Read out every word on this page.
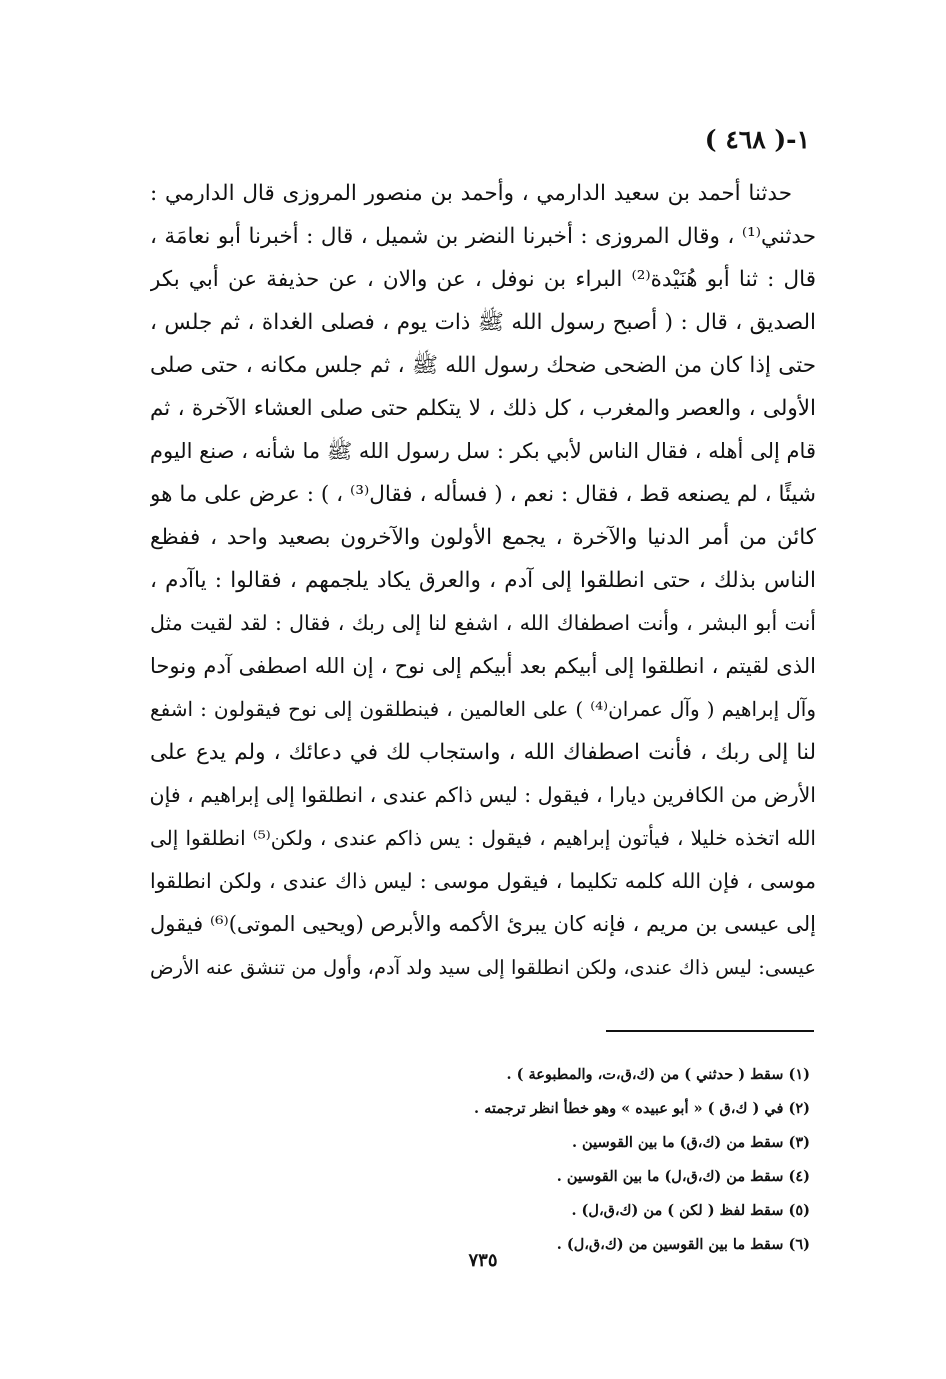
١-( ٤٦٨ )
حدثنا أحمد بن سعيد الدارمي ، وأحمد بن منصور المروزى قال الدارمي :
حدثني⁽¹⁾ ، وقال المروزى : أخبرنا النضر بن شميل ، قال : أخبرنا أبو نعامَة ،
قال : ثنا أبو هُنَيْدة⁽²⁾ البراء بن نوفل ، عن والان ، عن حذيفة عن أبي بكر
الصديق ، قال : ( أصبح رسول الله ﷺ ذات يوم ، فصلى الغداة ، ثم جلس ،
حتى إذا كان من الضحى ضحك رسول الله ﷺ ، ثم جلس مكانه ، حتى صلى
الأولى ، والعصر والمغرب ، كل ذلك ، لا يتكلم حتى صلى العشاء الآخرة ، ثم
قام إلى أهله ، فقال الناس لأبي بكر : سل رسول الله ﷺ ما شأنه ، صنع اليوم
شيئًا ، لم يصنعه قط ، فقال : نعم ، ( فسأله ، فقال⁽³⁾ ، ) : عرض على ما هو
كائن من أمر الدنيا والآخرة ، يجمع الأولون والآخرون بصعيد واحد ، ففظع
الناس بذلك ، حتى انطلقوا إلى آدم ، والعرق يكاد يلجمهم ، فقالوا : ياآدم ،
أنت أبو البشر ، وأنت اصطفاك الله ، اشفع لنا إلى ربك ، فقال : لقد لقيت مثل
الذى لقيتم ، انطلقوا إلى أبيكم بعد أبيكم إلى نوح ، إن الله اصطفى آدم ونوحا
وآل إبراهيم ( وآل عمران⁽⁴⁾ ) على العالمين ، فينطلقون إلى نوح فيقولون : اشفع
لنا إلى ربك ، فأنت اصطفاك الله ، واستجاب لك في دعائك ، ولم يدع على
الأرض من الكافرين ديارا ، فيقول : ليس ذاكم عندى ، انطلقوا إلى إبراهيم ، فإن
الله اتخذه خليلا ، فيأتون إبراهيم ، فيقول : يس ذاكم عندى ، ولكن⁽⁵⁾ انطلقوا إلى
موسى ، فإن الله كلمه تكليما ، فيقول موسى : ليس ذاك عندى ، ولكن انطلقوا
إلى عيسى بن مريم ، فإنه كان يبرئ الأكمه والأبرص (ويحيى الموتى)⁽⁶⁾ فيقول
عيسى: ليس ذاك عندى، ولكن انطلقوا إلى سيد ولد آدم، وأول من تنشق عنه الأرض
(١) سقط ( حدثني ) من (ك،ق،ت، والمطبوعة ) .
(٢) في ( ك،ق ) « أبو عبيده » وهو خطأ انظر ترجمته .
(٣) سقط من (ك،ق) ما بين القوسين .
(٤) سقط من (ك،ق،ل) ما بين القوسين .
(٥) سقط لفظ ( لكن ) من (ك،ق،ل) .
(٦) سقط ما بين القوسين من (ك،ق،ل) .
٧٣٥
